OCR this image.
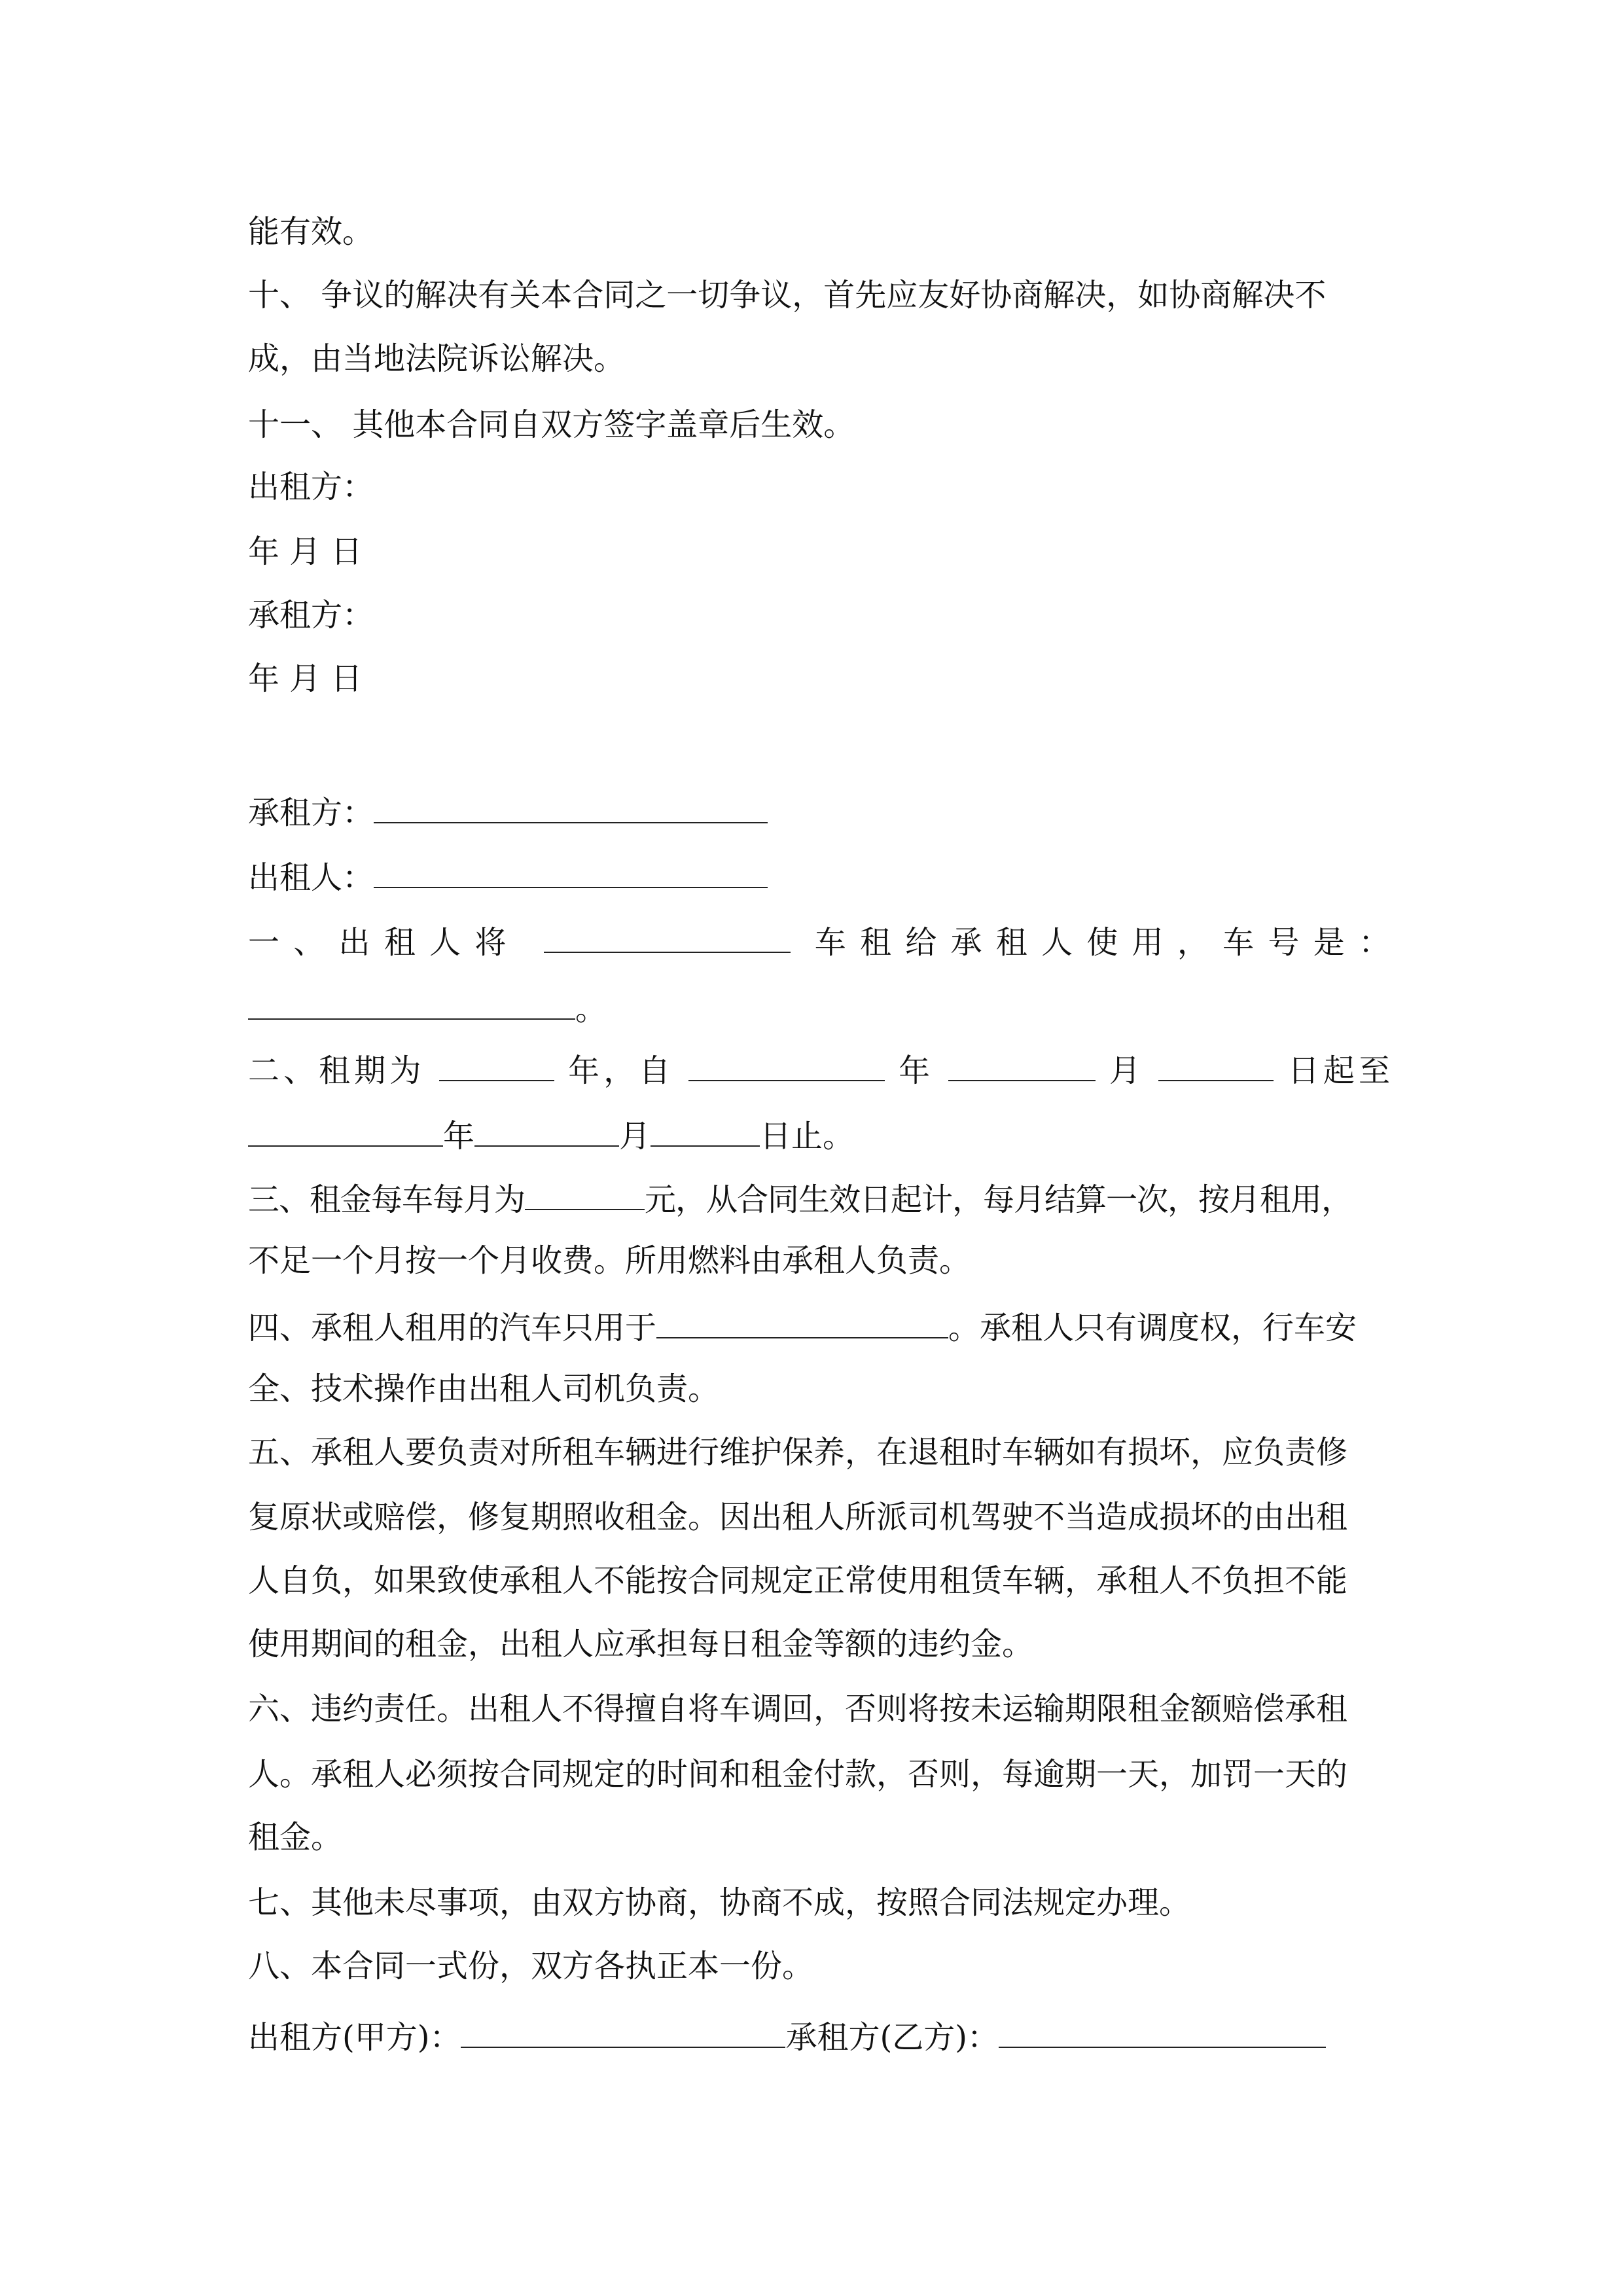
能有效。
十、 争议的解决有关本合同之一切争议，首先应友好协商解决，如协商解决不
成，由当地法院诉讼解决。
十一、 其他本合同自双方签字盖章后生效。
出租方：
年 月 日
承租方：
年 月 日
承租方：
出租人：
一、出租人将	车租给承租人使用，车号是：
。
二、租期为	年，自	年	月	日起至
年	月	日止。
三、租金每车每月为	元，从合同生效日起计，每月结算一次，按月租用，
不足一个月按一个月收费。所用燃料由承租人负责。
四、承租人租用的汽车只用于	。承租人只有调度权，行车安
全、技术操作由出租人司机负责。
五、承租人要负责对所租车辆进行维护保养，在退租时车辆如有损坏，应负责修
复原状或赔偿，修复期照收租金。因出租人所派司机驾驶不当造成损坏的由出租
人自负，如果致使承租人不能按合同规定正常使用租赁车辆，承租人不负担不能
使用期间的租金，出租人应承担每日租金等额的违约金。
六、违约责任。出租人不得擅自将车调回，否则将按未运输期限租金额赔偿承租
人。承租人必须按合同规定的时间和租金付款，否则，每逾期一天，加罚一天的
租金。
七、其他未尽事项，由双方协商，协商不成，按照合同法规定办理。
八、本合同一式份，双方各执正本一份。
出租方(甲方)：	承租方(乙方)：
